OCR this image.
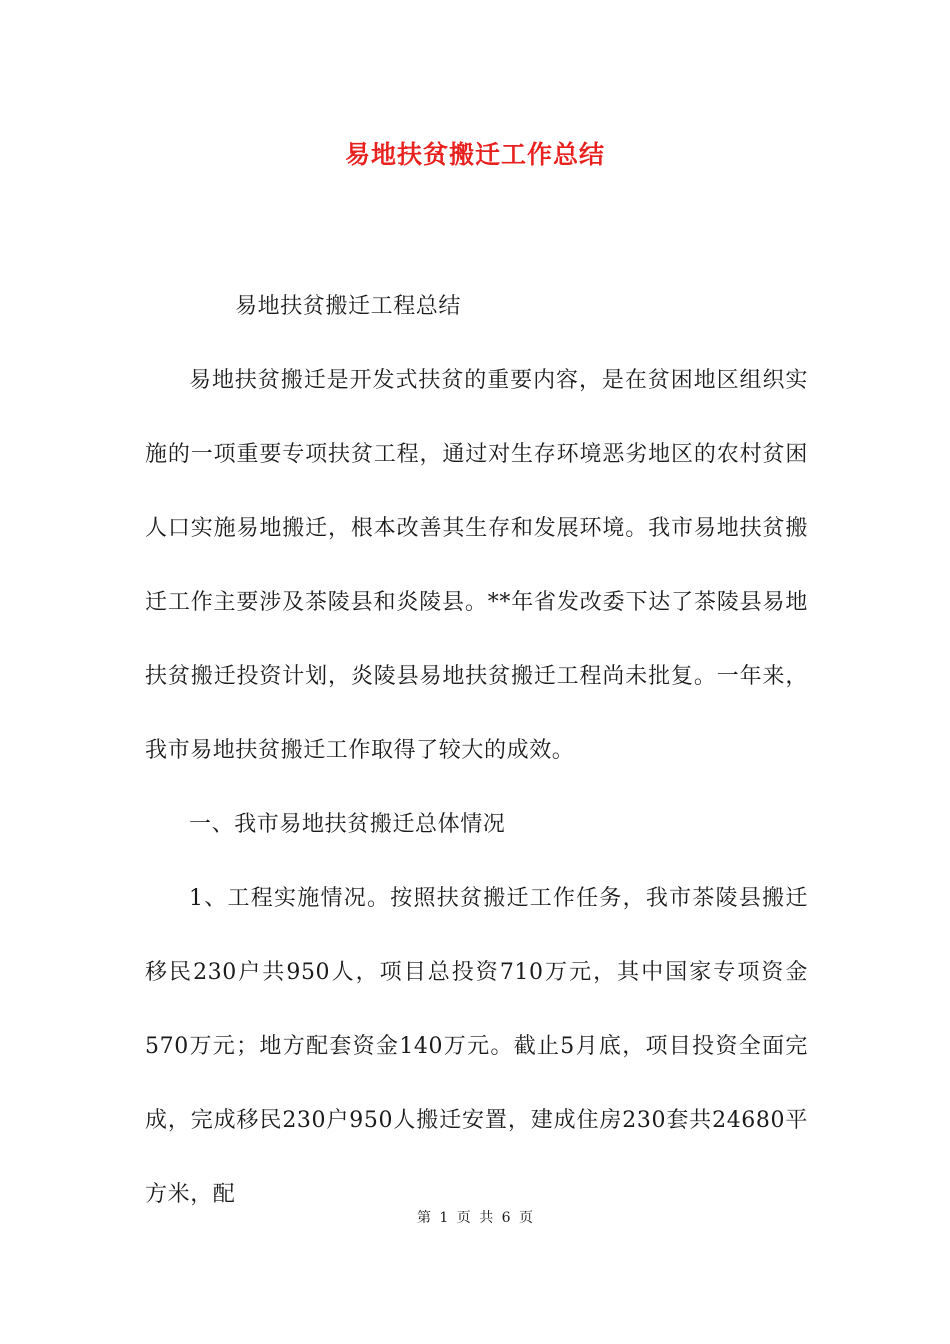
易地扶贫搬迁工作总结

易地扶贫搬迁工程总结

易地扶贫搬迁是开发式扶贫的重要内容，是在贫困地区组织实施的一项重要专项扶贫工程，通过对生存环境恶劣地区的农村贫困人口实施易地搬迁，根本改善其生存和发展环境。我市易地扶贫搬迁工作主要涉及茶陵县和炎陵县。**年省发改委下达了茶陵县易地扶贫搬迁投资计划，炎陵县易地扶贫搬迁工程尚未批复。一年来，我市易地扶贫搬迁工作取得了较大的成效。

一、我市易地扶贫搬迁总体情况

1、工程实施情况。按照扶贫搬迁工作任务，我市茶陵县搬迁移民230户共950人，项目总投资710万元，其中国家专项资金570万元；地方配套资金140万元。截止5月底，项目投资全面完成，完成移民230户950人搬迁安置，建成住房230套共24680平方米，配

第 1 页 共 6 页
